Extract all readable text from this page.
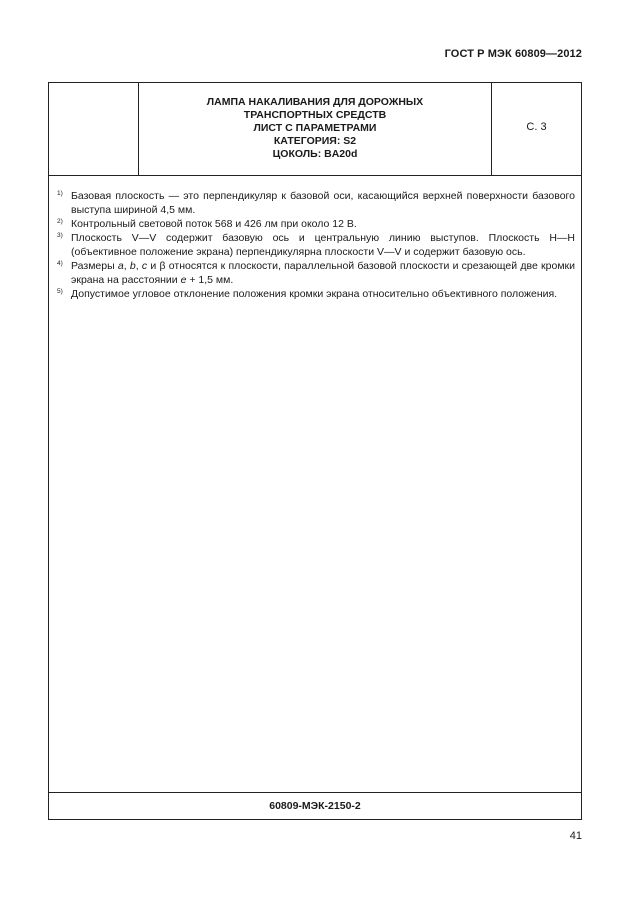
ГОСТ Р МЭК 60809—2012
ЛАМПА НАКАЛИВАНИЯ ДЛЯ ДОРОЖНЫХ
ТРАНСПОРТНЫХ СРЕДСТВ
ЛИСТ С ПАРАМЕТРАМИ
КАТЕГОРИЯ: S2
ЦОКОЛЬ: BA20d
С. 3
1) Базовая плоскость — это перпендикуляр к базовой оси, касающийся верхней поверхности базового выступа шириной 4,5 мм.
2) Контрольный световой поток 568 и 426 лм при около 12 В.
3) Плоскость V—V содержит базовую ось и центральную линию выступов. Плоскость H—H (объективное положение экрана) перпендикулярна плоскости V—V и содержит базовую ось.
4) Размеры a, b, c и β относятся к плоскости, параллельной базовой плоскости и срезающей две кромки экрана на расстоянии e + 1,5 мм.
5) Допустимое угловое отклонение положения кромки экрана относительно объективного положения.
60809-МЭК-2150-2
41
